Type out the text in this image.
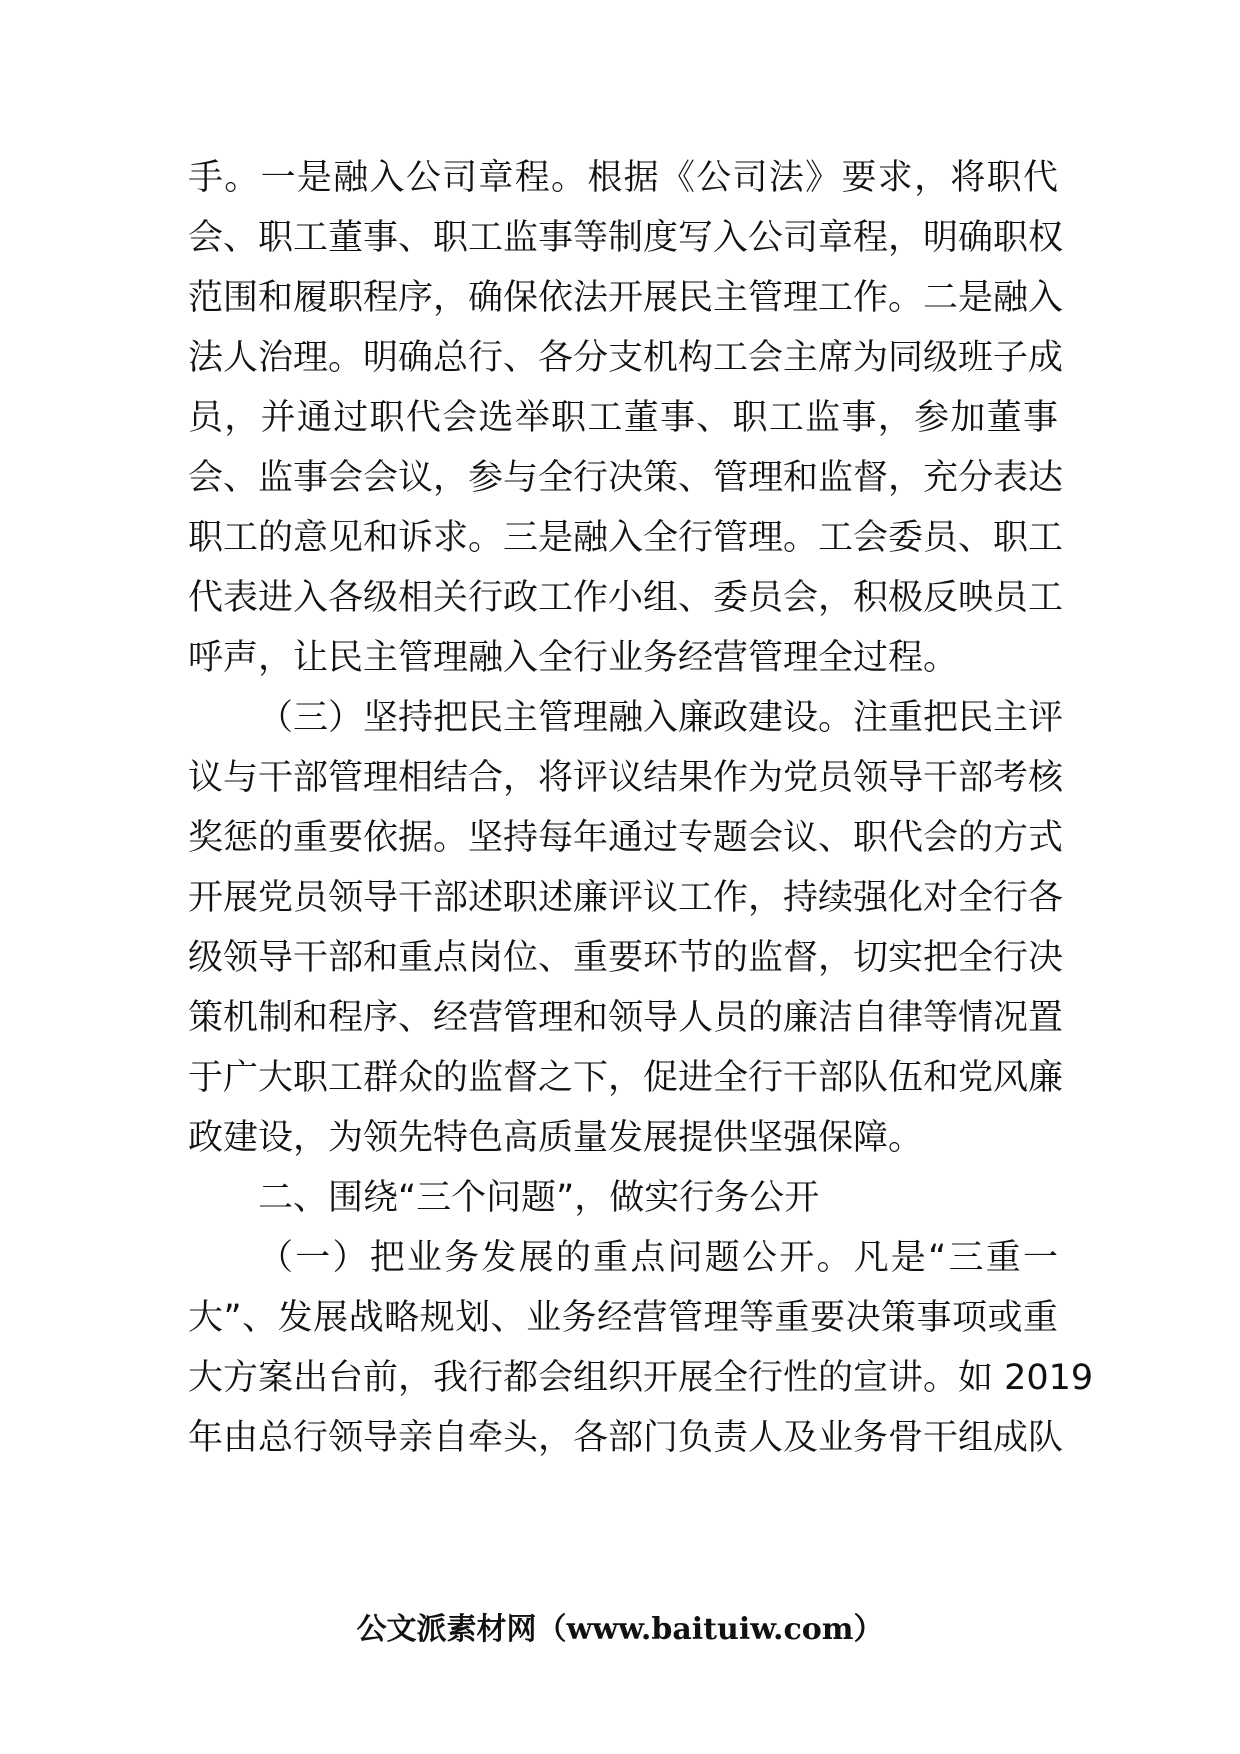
手。一是融入公司章程。根据《公司法》要求，将职代
会、职工董事、职工监事等制度写入公司章程，明确职权
范围和履职程序，确保依法开展民主管理工作。二是融入
法人治理。明确总行、各分支机构工会主席为同级班子成
员，并通过职代会选举职工董事、职工监事，参加董事
会、监事会会议，参与全行决策、管理和监督，充分表达
职工的意见和诉求。三是融入全行管理。工会委员、职工
代表进入各级相关行政工作小组、委员会，积极反映员工
呼声，让民主管理融入全行业务经营管理全过程。
（三）坚持把民主管理融入廉政建设。注重把民主评
议与干部管理相结合，将评议结果作为党员领导干部考核
奖惩的重要依据。坚持每年通过专题会议、职代会的方式
开展党员领导干部述职述廉评议工作，持续强化对全行各
级领导干部和重点岗位、重要环节的监督，切实把全行决
策机制和程序、经营管理和领导人员的廉洁自律等情况置
于广大职工群众的监督之下，促进全行干部队伍和党风廉
政建设，为领先特色高质量发展提供坚强保障。
二、围绕“三个问题”，做实行务公开
（一）把业务发展的重点问题公开。凡是“三重一
大”、发展战略规划、业务经营管理等重要决策事项或重
大方案出台前，我行都会组织开展全行性的宣讲。如 2019
年由总行领导亲自牵头，各部门负责人及业务骨干组成队
公文派素材网（www.baituiw.com）
